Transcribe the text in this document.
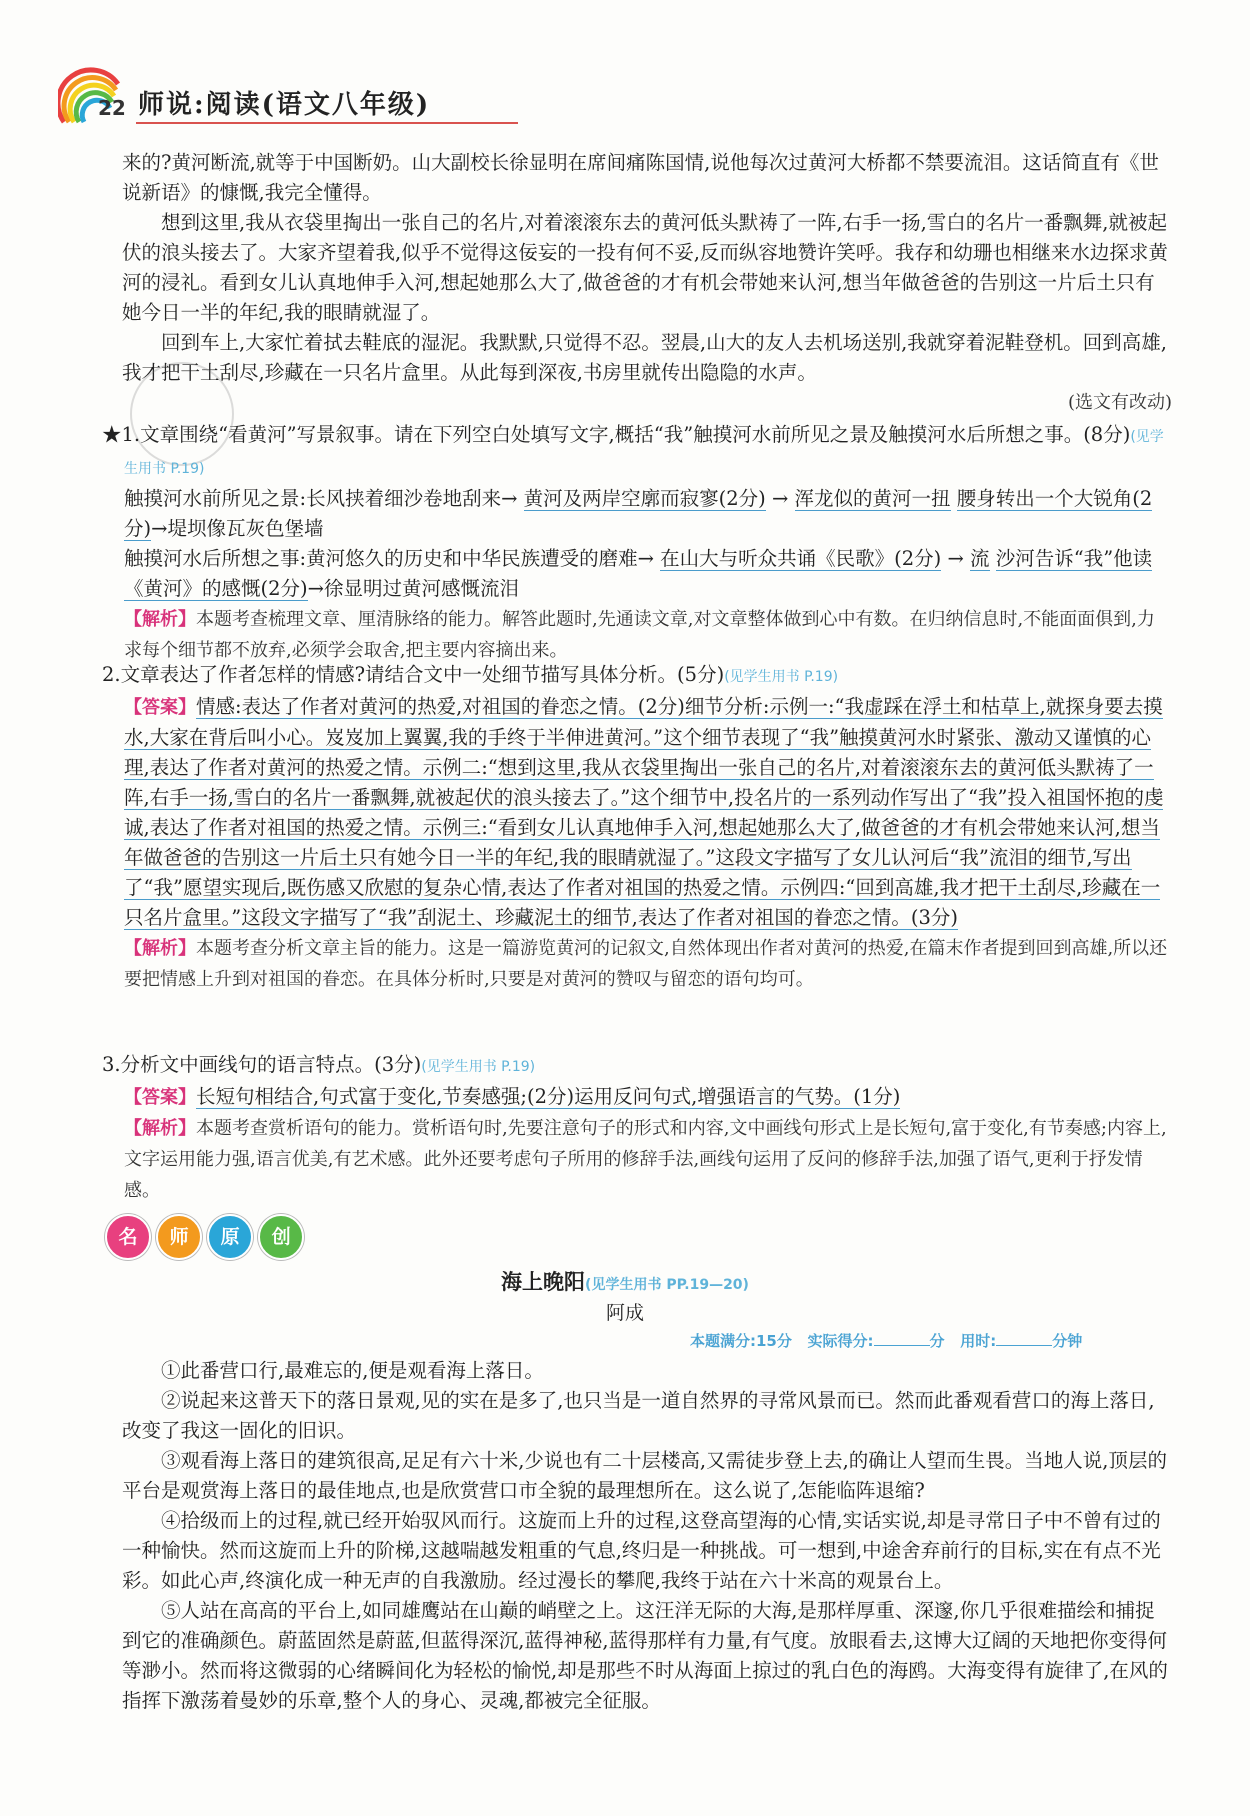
22 师说:阅读(语文八年级)

来的?黄河断流,就等于中国断奶。山大副校长徐显明在席间痛陈国情,说他每次过黄河大桥都不禁要流泪。这话简直有《世说新语》的慷慨,我完全懂得。

想到这里,我从衣袋里掏出一张自己的名片,对着滚滚东去的黄河低头默祷了一阵,右手一扬,雪白的名片一番飘舞,就被起伏的浪头接去了。大家齐望着我,似乎不觉得这佞妄的一投有何不妥,反而纵容地赞许笑呼。我存和幼珊也相继来水边探求黄河的浸礼。看到女儿认真地伸手入河,想起她那么大了,做爸爸的才有机会带她来认河,想当年做爸爸的告别这一片后土只有她今日一半的年纪,我的眼睛就湿了。

回到车上,大家忙着拭去鞋底的湿泥。我默默,只觉得不忍。翌晨,山大的友人去机场送别,我就穿着泥鞋登机。回到高雄,我才把干土刮尽,珍藏在一只名片盒里。从此每到深夜,书房里就传出隐隐的水声。

(选文有改动)

★1.文章围绕“看黄河”写景叙事。请在下列空白处填写文字,概括“我”触摸河水前所见之景及触摸河水后所想之事。(8分)(见学生用书 P.19)
触摸河水前所见之景:长风挟着细沙卷地刮来→ 黄河及两岸空廓而寂寥(2分) → 浑龙似的黄河一扭 腰身转出一个大锐角(2分)→堤坝像瓦灰色堡墙
触摸河水后所想之事:黄河悠久的历史和中华民族遭受的磨难→ 在山大与听众共诵《民歌》(2分) → 流 沙河告诉“我”他读《黄河》的感慨(2分)→徐显明过黄河感慨流泪
【解析】本题考查梳理文章、厘清脉络的能力。解答此题时,先通读文章,对文章整体做到心中有数。在归纳信息时,不能面面俱到,力求每个细节都不放弃,必须学会取舍,把主要内容摘出来。
2.文章表达了作者怎样的情感?请结合文中一处细节描写具体分析。(5分)(见学生用书 P.19)
【答案】情感:表达了作者对黄河的热爱,对祖国的眷恋之情。(2分)细节分析:示例一:“我虚踩在浮土和枯草上,就探身要去摸水,大家在背后叫小心。岌岌加上翼翼,我的手终于半伸进黄河。”这个细节表现了“我”触摸黄河水时紧张、激动又谨慎的心理,表达了作者对黄河的热爱之情。示例二:“想到这里,我从衣袋里掏出一张自己的名片,对着滚滚东去的黄河低头默祷了一阵,右手一扬,雪白的名片一番飘舞,就被起伏的浪头接去了。”这个细节中,投名片的一系列动作写出了“我”投入祖国怀抱的虔诚,表达了作者对祖国的热爱之情。示例三:“看到女儿认真地伸手入河,想起她那么大了,做爸爸的才有机会带她来认河,想当年做爸爸的告别这一片后土只有她今日一半的年纪,我的眼睛就湿了。”这段文字描写了女儿认河后“我”流泪的细节,写出了“我”愿望实现后,既伤感又欣慰的复杂心情,表达了作者对祖国的热爱之情。示例四:“回到高雄,我才把干土刮尽,珍藏在一只名片盒里。”这段文字描写了“我”刮泥土、珍藏泥土的细节,表达了作者对祖国的眷恋之情。(3分)
【解析】本题考查分析文章主旨的能力。这是一篇游览黄河的记叙文,自然体现出作者对黄河的热爱,在篇末作者提到回到高雄,所以还要把情感上升到对祖国的眷恋。在具体分析时,只要是对黄河的赞叹与留恋的语句均可。
3.分析文中画线句的语言特点。(3分)(见学生用书 P.19)
【答案】长短句相结合,句式富于变化,节奏感强;(2分)运用反问句式,增强语言的气势。(1分)
【解析】本题考查赏析语句的能力。赏析语句时,先要注意句子的形式和内容,文中画线句形式上是长短句,富于变化,有节奏感;内容上,文字运用能力强,语言优美,有艺术感。此外还要考虑句子所用的修辞手法,画线句运用了反问的修辞手法,加强了语气,更利于抒发情感。
名 师 原 创
海上晚阳(见学生用书 PP.19—20)
阿成
本题满分:15分 实际得分:	分 用时:	分钟

①此番营口行,最难忘的,便是观看海上落日。

②说起来这普天下的落日景观,见的实在是多了,也只当是一道自然界的寻常风景而已。然而此番观看营口的海上落日,改变了我这一固化的旧识。

③观看海上落日的建筑很高,足足有六十米,少说也有二十层楼高,又需徒步登上去,的确让人望而生畏。当地人说,顶层的平台是观赏海上落日的最佳地点,也是欣赏营口市全貌的最理想所在。这么说了,怎能临阵退缩?

④拾级而上的过程,就已经开始驭风而行。这旋而上升的过程,这登高望海的心情,实话实说,却是寻常日子中不曾有过的一种愉快。然而这旋而上升的阶梯,这越喘越发粗重的气息,终归是一种挑战。可一想到,中途舍弃前行的目标,实在有点不光彩。如此心声,终演化成一种无声的自我激励。经过漫长的攀爬,我终于站在六十米高的观景台上。

⑤人站在高高的平台上,如同雄鹰站在山巅的峭壁之上。这汪洋无际的大海,是那样厚重、深邃,你几乎很难描绘和捕捉到它的准确颜色。蔚蓝固然是蔚蓝,但蓝得深沉,蓝得神秘,蓝得那样有力量,有气度。放眼看去,这博大辽阔的天地把你变得何等渺小。然而将这微弱的心绪瞬间化为轻松的愉悦,却是那些不时从海面上掠过的乳白色的海鸥。大海变得有旋律了,在风的指挥下激荡着曼妙的乐章,整个人的身心、灵魂,都被完全征服。
